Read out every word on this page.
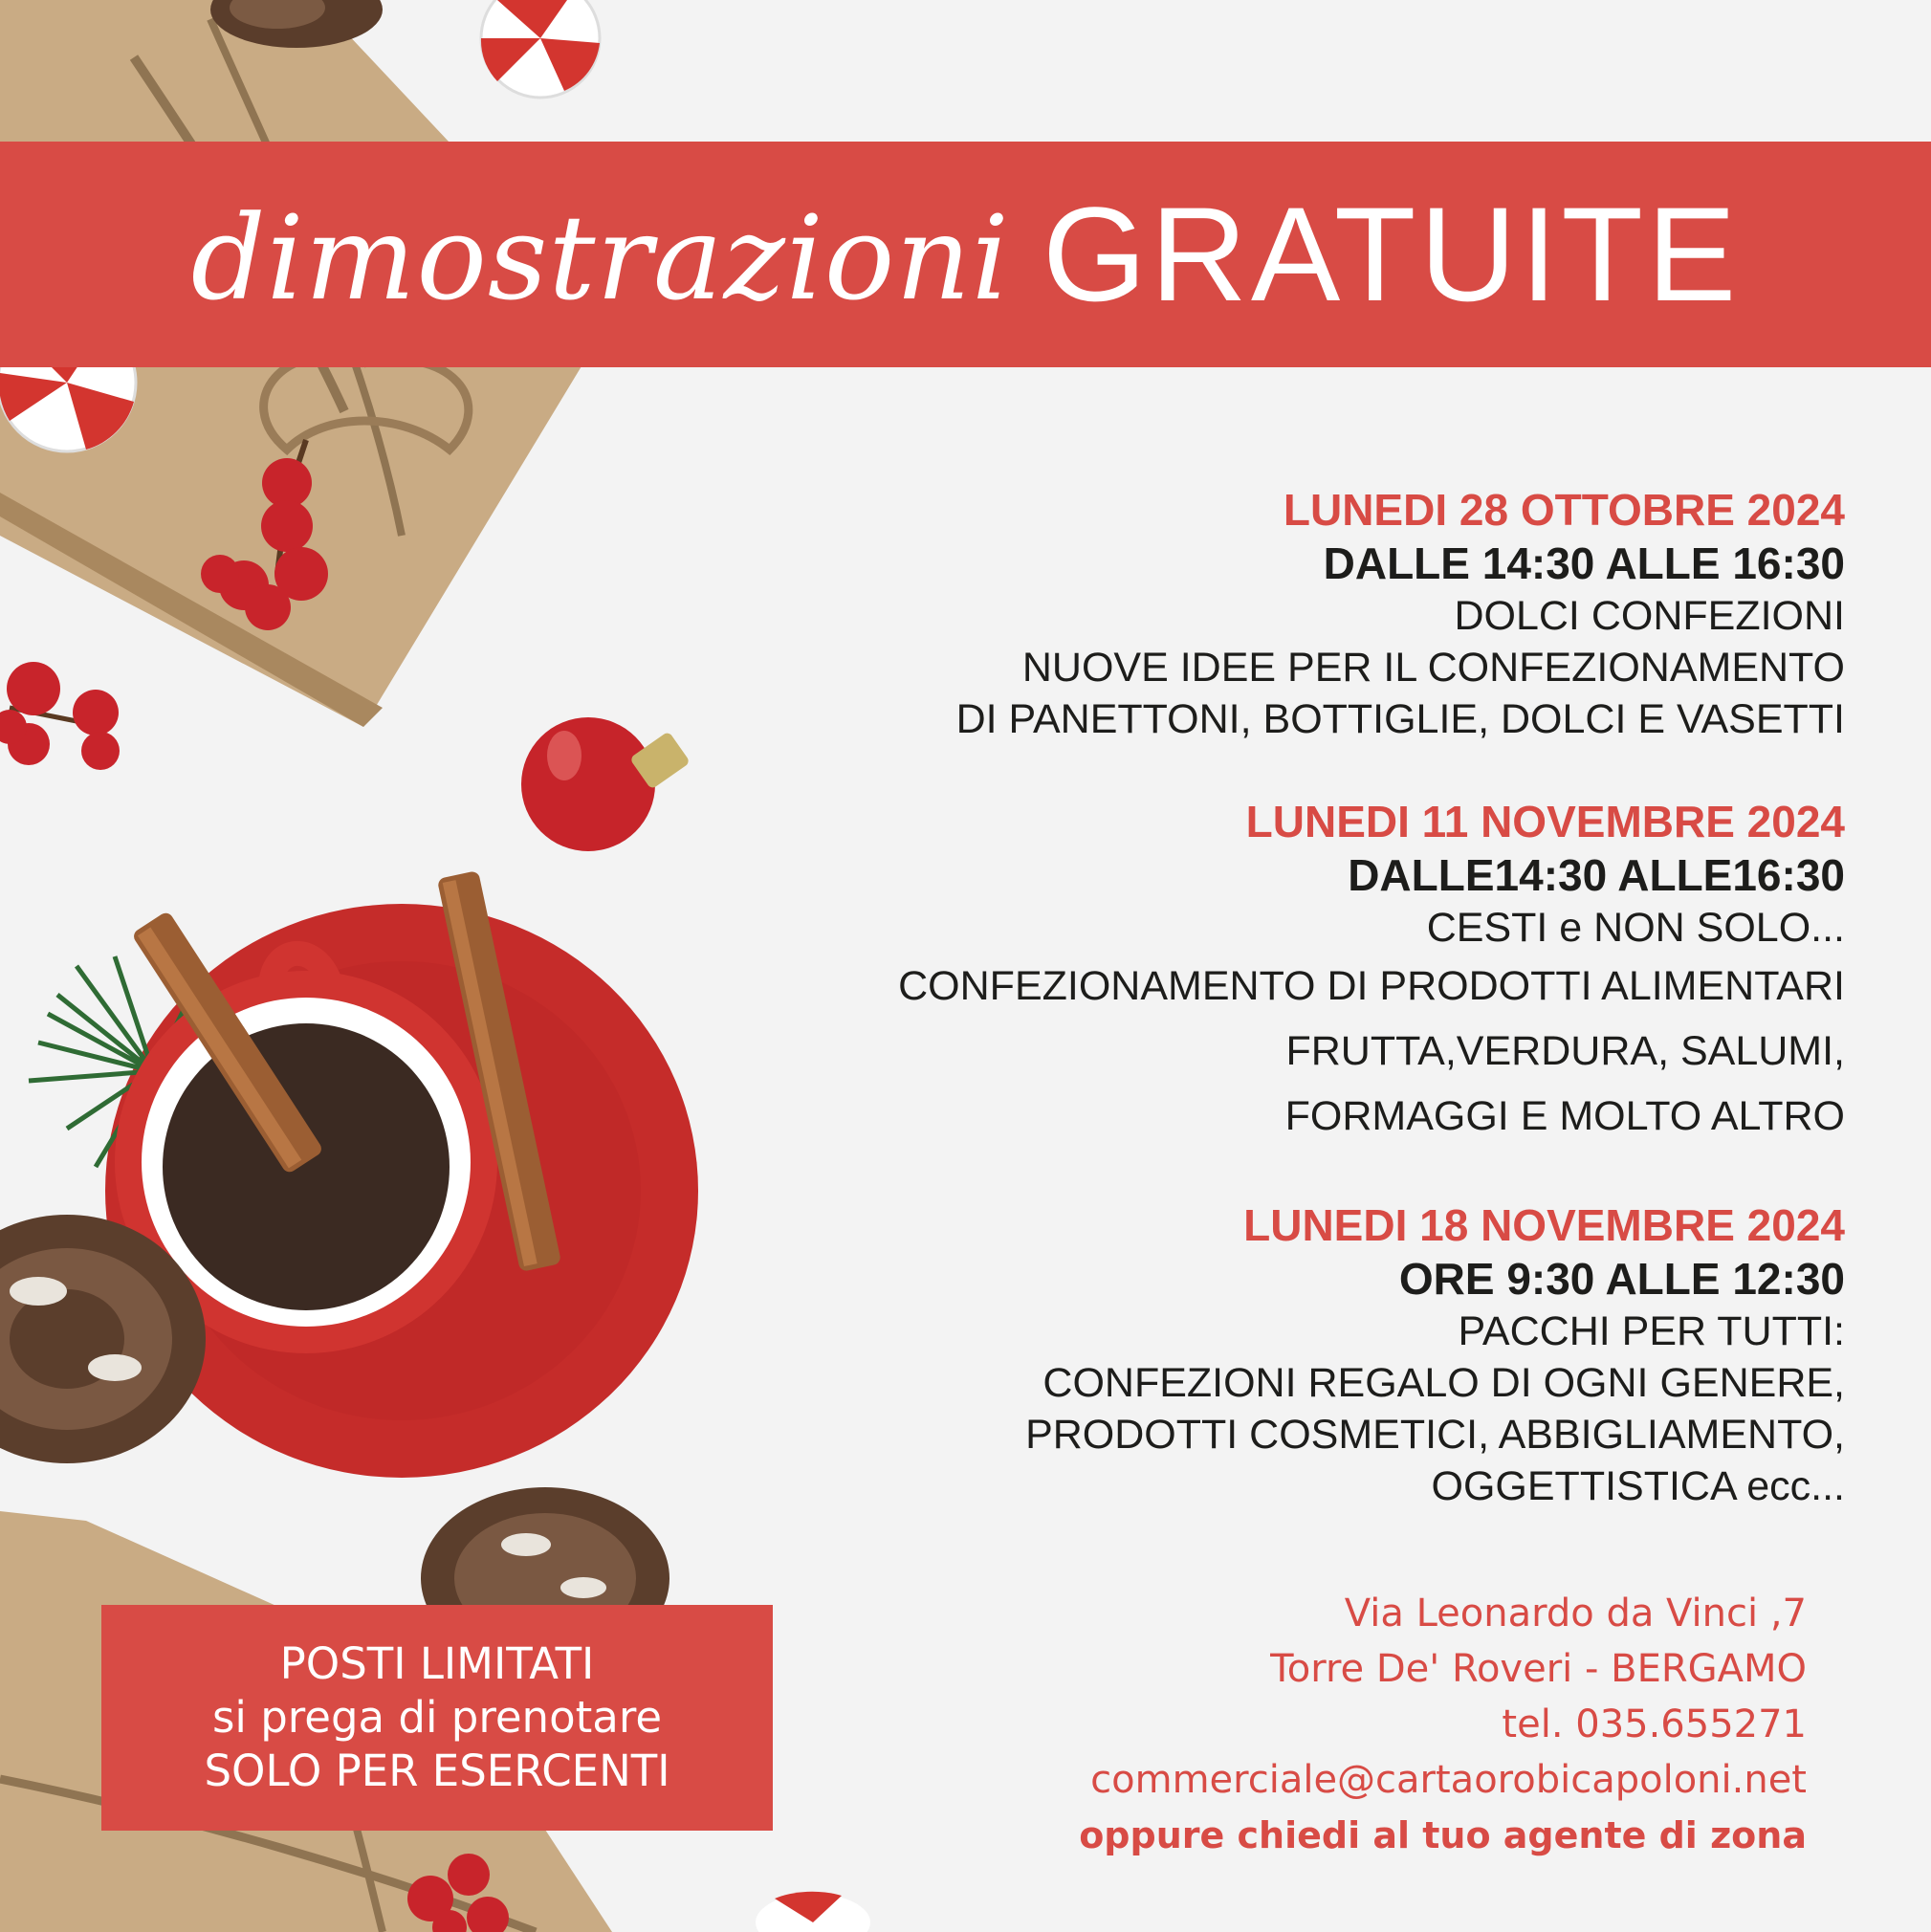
dimostrazioni GRATUITE
LUNEDI 28 OTTOBRE 2024
DALLE 14:30 ALLE 16:30
DOLCI CONFEZIONI
NUOVE IDEE PER IL CONFEZIONAMENTO
DI PANETTONI, BOTTIGLIE, DOLCI E VASETTI
LUNEDI 11 NOVEMBRE 2024
DALLE14:30 ALLE16:30
CESTI e NON SOLO...
CONFEZIONAMENTO DI PRODOTTI ALIMENTARI
FRUTTA,VERDURA, SALUMI,
FORMAGGI E MOLTO ALTRO
LUNEDI 18 NOVEMBRE 2024
ORE 9:30 ALLE 12:30
PACCHI PER TUTTI:
CONFEZIONI REGALO DI OGNI GENERE,
PRODOTTI COSMETICI, ABBIGLIAMENTO,
OGGETTISTICA ecc...
Via Leonardo da Vinci ,7
Torre De' Roveri - BERGAMO
tel. 035.655271
commerciale@cartaorobicapoloni.net
oppure chiedi al tuo agente di zona
POSTI LIMITATI
si prega di prenotare
SOLO PER ESERCENTI
